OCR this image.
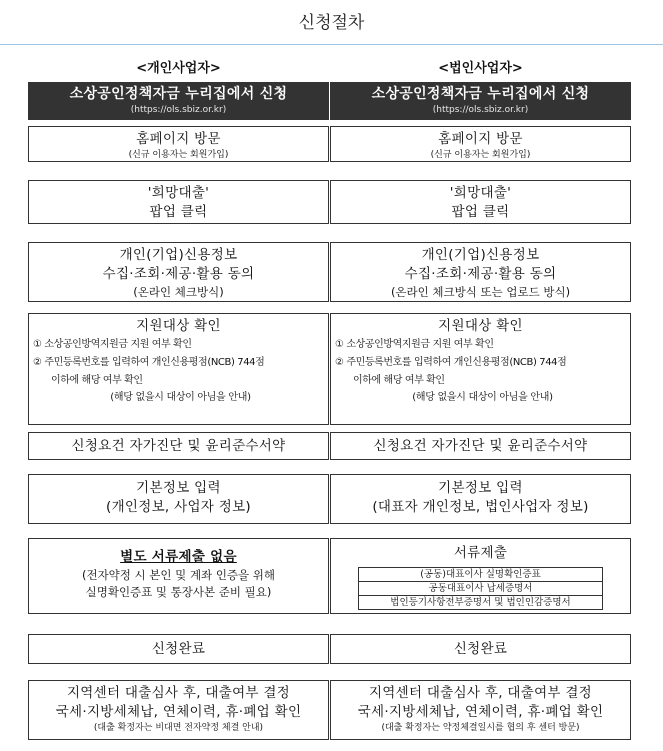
신청절차
<개인사업자>
소상공인정책자금 누리집에서 신청
(https://ols.sbiz.or.kr)
홈페이지 방문
(신규 이용자는 회원가입)
'희망대출'
팝업 클릭
개인(기업)신용정보
수집·조회·제공·활용 동의
(온라인 체크방식)
지원대상 확인
① 소상공인방역지원금 지원 여부 확인
② 주민등록번호를 입력하여 개인신용평점(NCB) 744점
이하에 해당 여부 확인
(해당 없을시 대상이 아님을 안내)
신청요건 자가진단 및 윤리준수서약
기본정보 입력
(개인정보, 사업자 정보)
별도 서류제출 없음
(전자약정 시 본인 및 계좌 인증을 위해
실명확인증표 및 통장사본 준비 필요)
신청완료
지역센터 대출심사 후, 대출여부 결정
국세·지방세체납, 연체이력, 휴·폐업 확인
(대출 확정자는 비대면 전자약정 체결 안내)
<법인사업자>
소상공인정책자금 누리집에서 신청
(https://ols.sbiz.or.kr)
홈페이지 방문
(신규 이용자는 회원가입)
'희망대출'
팝업 클릭
개인(기업)신용정보
수집·조회·제공·활용 동의
(온라인 체크방식 또는 업로드 방식)
지원대상 확인
① 소상공인방역지원금 지원 여부 확인
② 주민등록번호를 입력하여 개인신용평점(NCB) 744점
이하에 해당 여부 확인
(해당 없을시 대상이 아님을 안내)
신청요건 자가진단 및 윤리준수서약
기본정보 입력
(대표자 개인정보, 법인사업자 정보)
서류제출
(공동)대표이사 실명확인증표
공동대표이사 납세증명서
법인등기사항전부증명서 및 법인인감증명서
신청완료
지역센터 대출심사 후, 대출여부 결정
국세·지방세체납, 연체이력, 휴·폐업 확인
(대출 확정자는 약정체결일시를 협의 후 센터 방문)
